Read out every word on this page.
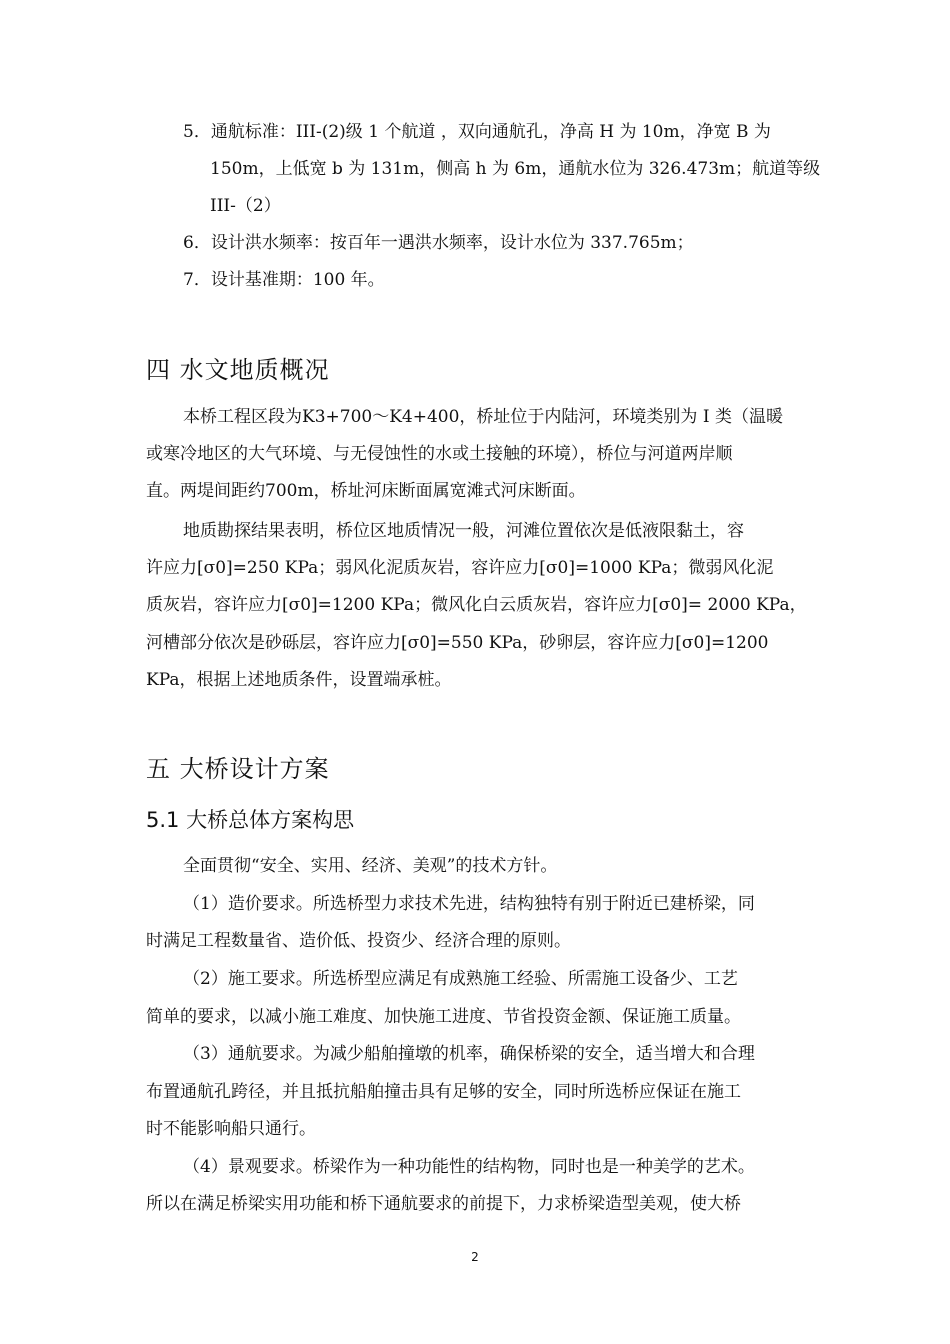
5．通航标准：III-(2)级 1 个航道 ，双向通航孔，净高 H 为 10m，净宽 B 为
150m，上低宽 b 为 131m，侧高 h 为 6m，通航水位为 326.473m；航道等级
III-（2）
6．设计洪水频率：按百年一遇洪水频率，设计水位为 337.765m；
7．设计基准期：100 年。
四 水文地质概况
本桥工程区段为K3+700～K4+400，桥址位于内陆河，环境类别为 I 类（温暖
或寒冷地区的大气环境、与无侵蚀性的水或土接触的环境），桥位与河道两岸顺
直。两堤间距约700m，桥址河床断面属宽滩式河床断面。
地质勘探结果表明，桥位区地质情况一般，河滩位置依次是低液限黏土，容
许应力[σ0]=250 KPa；弱风化泥质灰岩，容许应力[σ0]=1000 KPa；微弱风化泥
质灰岩，容许应力[σ0]=1200 KPa；微风化白云质灰岩，容许应力[σ0]= 2000 KPa，
河槽部分依次是砂砾层，容许应力[σ0]=550 KPa，砂卵层，容许应力[σ0]=1200
KPa，根据上述地质条件，设置端承桩。
五 大桥设计方案
5.1 大桥总体方案构思
全面贯彻“安全、实用、经济、美观”的技术方针。
（1）造价要求。所选桥型力求技术先进，结构独特有别于附近已建桥梁，同
时满足工程数量省、造价低、投资少、经济合理的原则。
（2）施工要求。所选桥型应满足有成熟施工经验、所需施工设备少、工艺
简单的要求，以减小施工难度、加快施工进度、节省投资金额、保证施工质量。
（3）通航要求。为减少船舶撞墩的机率，确保桥梁的安全，适当增大和合理
布置通航孔跨径，并且抵抗船舶撞击具有足够的安全，同时所选桥应保证在施工
时不能影响船只通行。
（4）景观要求。桥梁作为一种功能性的结构物，同时也是一种美学的艺术。
所以在满足桥梁实用功能和桥下通航要求的前提下，力求桥梁造型美观，使大桥
2
